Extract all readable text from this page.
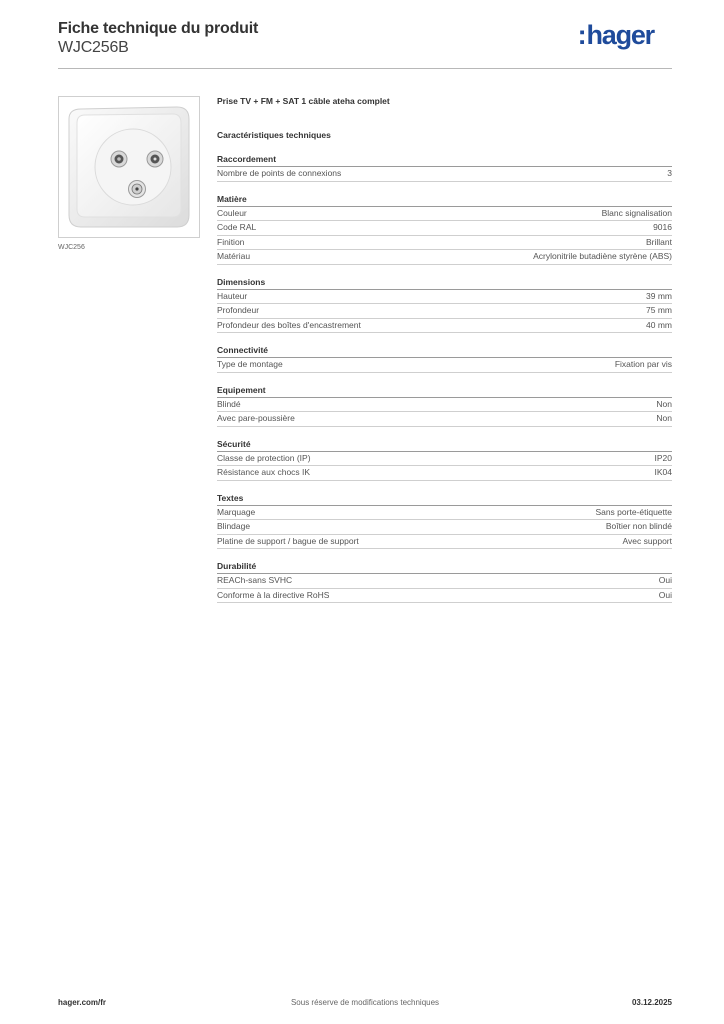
Fiche technique du produit
WJC256B	:hager
WJC256
Prise TV + FM + SAT 1 câble ateha complet
Caractéristiques techniques
Raccordement
Nombre de points de connexions	3
Matière
Couleur	Blanc signalisation
Code RAL	9016
Finition	Brillant
Matériau	Acrylonitrile butadiène styrène (ABS)
Dimensions
Hauteur	39 mm
Profondeur	75 mm
Profondeur des boîtes d'encastrement	40 mm
Connectivité
Type de montage	Fixation par vis
Equipement
Blindé	Non
Avec pare-poussière	Non
Sécurité
Classe de protection (IP)	IP20
Résistance aux chocs IK	IK04
Textes
Marquage	Sans porte-étiquette
Blindage	Boîtier non blindé
Platine de support / bague de support	Avec support
Durabilité
REACh-sans SVHC	Oui
Conforme à la directive RoHS	Oui
hager.com/fr	Sous réserve de modifications techniques	03.12.2025
